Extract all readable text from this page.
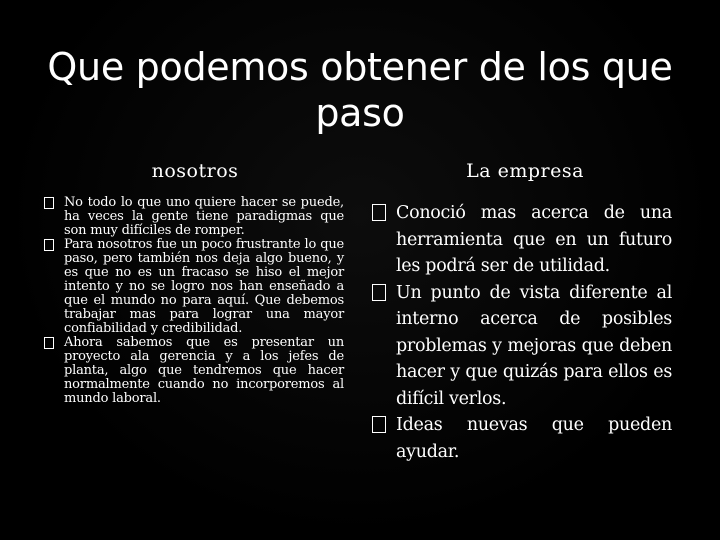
Que podemos obtener de los que paso
nosotros	La empresa
No todo lo que uno quiere hacer se puede, ha veces la gente tiene paradigmas que son muy difíciles de romper.
Para nosotros fue un poco frustrante lo que paso, pero también nos deja algo bueno, y es que no es un fracaso se hiso el mejor intento y no se logro nos han enseñado a que el mundo no para aquí. Que debemos trabajar mas para lograr una mayor confiabilidad y credibilidad.
Ahora sabemos que es presentar un proyecto ala gerencia y a los jefes de planta, algo que tendremos que hacer normalmente cuando no incorporemos al mundo laboral.
Conoció mas acerca de una herramienta que en un futuro les podrá ser de utilidad.
Un punto de vista diferente al interno acerca de posibles problemas y mejoras que deben hacer y que quizás para ellos es difícil verlos.
Ideas nuevas que pueden ayudar.
